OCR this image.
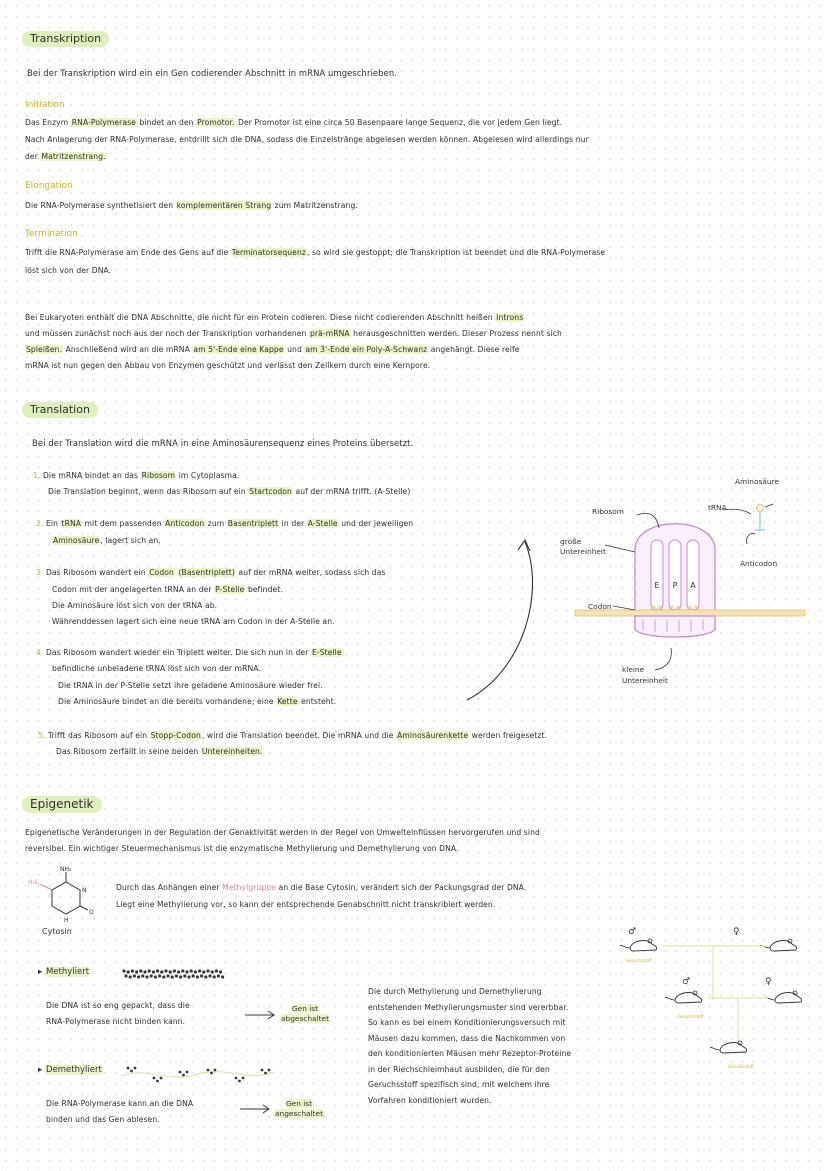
Transkription
Bei der Transkription wird ein ein Gen codierender Abschnitt in mRNA umgeschrieben.
Initiation
Das Enzym RNA-Polymerase bindet an den Promotor. Der Promotor ist eine circa 50 Basenpaare lange Sequenz, die vor jedem Gen liegt.
Nach Anlagerung der RNA-Polymerase, entdrillt sich die DNA, sodass die Einzelstränge abgelesen werden können. Abgelesen wird allerdings nur
der Matritzenstrang.
Elongation
Die RNA-Polymerase synthetisiert den komplementären Strang zum Matritzenstrang.
Termination
Trifft die RNA-Polymerase am Ende des Gens auf die Terminatorsequenz, so wird sie gestoppt; die Transkription ist beendet und die RNA-Polymerase
löst sich von der DNA.
Bei Eukaryoten enthält die DNA Abschnitte, die nicht für ein Protein codieren. Diese nicht codierenden Abschnitt heißen Introns
und müssen zunächst noch aus der noch der Transkription vorhandenen prä-mRNA herausgeschnitten werden. Dieser Prozess nennt sich
Spleißen. Anschließend wird an die mRNA am 5'-Ende eine Kappe und am 3'-Ende ein Poly-A-Schwanz angehängt. Diese reife
mRNA ist nun gegen den Abbau von Enzymen geschützt und verlässt den Zellkern durch eine Kernpore.
Translation
Bei der Translation wird die mRNA in eine Aminosäurensequenz eines Proteins übersetzt.
1. Die mRNA bindet an das Ribosom im Cytoplasma.
Die Translation beginnt, wenn das Ribosom auf ein Startcodon auf der mRNA trifft. (A-Stelle)
2. Ein tRNA mit dem passenden Anticodon zum Basentriplett in der A-Stelle und der jeweiligen
Aminosäure, lagert sich an.
3. Das Ribosom wandert ein Codon (Basentriplett) auf der mRNA weiter, sodass sich das
Codon mit der angelagerten tRNA an der P-Stelle befindet.
Die Aminosäure löst sich von der tRNA ab.
Währenddessen lagert sich eine neue tRNA am Codon in der A-Stelle an.
4. Das Ribosom wandert wieder ein Triplett weiter. Die sich nun in der E-Stelle
befindliche unbeladene tRNA löst sich von der mRNA.
Die tRNA in der P-Stelle setzt ihre geladene Aminosäure wieder frei.
Die Aminosäure bindet an die bereits vorhandene; eine Kette entsteht.
5. Trifft das Ribosom auf ein Stopp-Codon, wird die Translation beendet. Die mRNA und die Aminosäurenkette werden freigesetzt.
Das Ribosom zerfällt in seine beiden Untereinheiten.
E P A
Ribosom	tRNA
Aminosäure
Anticodon
große
Untereinheit
Codon
kleine
Untereinheit
Epigenetik
Epigenetische Veränderungen in der Regulation der Genaktivität werden in der Regel von Umwelteinflüssen hervorgerufen und sind
reversibel. Ein wichtiger Steuermechanismus ist die enzymatische Methylierung und Demethylierung von DNA.
NH₂
H₃C
N
O
H
Cytosin
Durch das Anhängen einer Methylgruppe an die Base Cytosin, verändert sich der Packungsgrad der DNA.
Liegt eine Methylierung vor, so kann der entsprechende Genabschnitt nicht transkribiert werden.
▸ Methyliert
Die DNA ist so eng gepackt, dass die
RNA-Polymerase nicht binden kann.
Gen ist
abgeschaltet
▸ Demethyliert
Die RNA-Polymerase kann an die DNA
binden und das Gen ablesen.
Gen ist
angeschaltet
Die durch Methylierung und Demethylierung
entstehenden Methylierungsmuster sind vererbbar.
So kann es bei einem Konditionierungsversuch mit
Mäusen dazu kommen, dass die Nachkommen von
den konditionierten Mäusen mehr Rezeptor-Proteine
in der Riechschleimhaut ausbilden, die für den
Geruchsstoff spezifisch sind, mit welchem ihre
Vorfahren konditioniert wurden.
♂	♀
Geruchsstoff
♂	♀
Geruchsstoff
Geruchsstoff
